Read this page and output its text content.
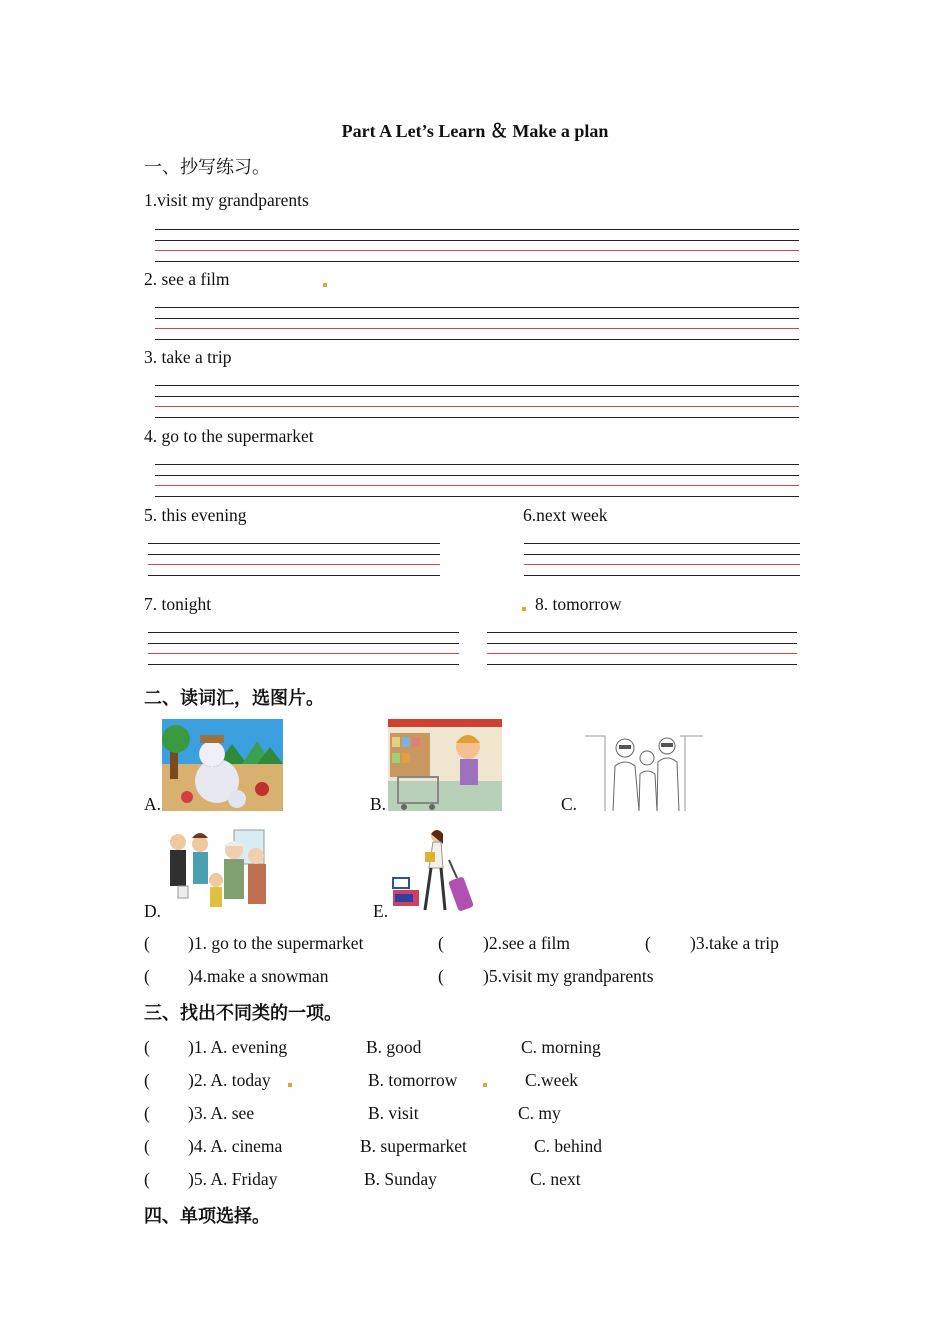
Part A Let’s Learn ＆ Make a plan
一、抄写练习。
1.visit my grandparents
2. see a film
3. take a trip
4. go to the supermarket
5. this evening	6.next week
7. tonight	8. tomorrow
二、读词汇，选图片。
A.	B.	C.
D.	E.
( )1. go to the supermarket	( )2.see a film	( )3.take a trip
( )4.make a snowman	( )5.visit my grandparents
三、找出不同类的一项。
( )1. A. evening	B. good	C. morning
( )2. A. today	B. tomorrow	C.week
( )3. A. see	B. visit	C. my
( )4. A. cinema	B. supermarket	C. behind
( )5. A. Friday	B. Sunday	C. next
四、单项选择。
